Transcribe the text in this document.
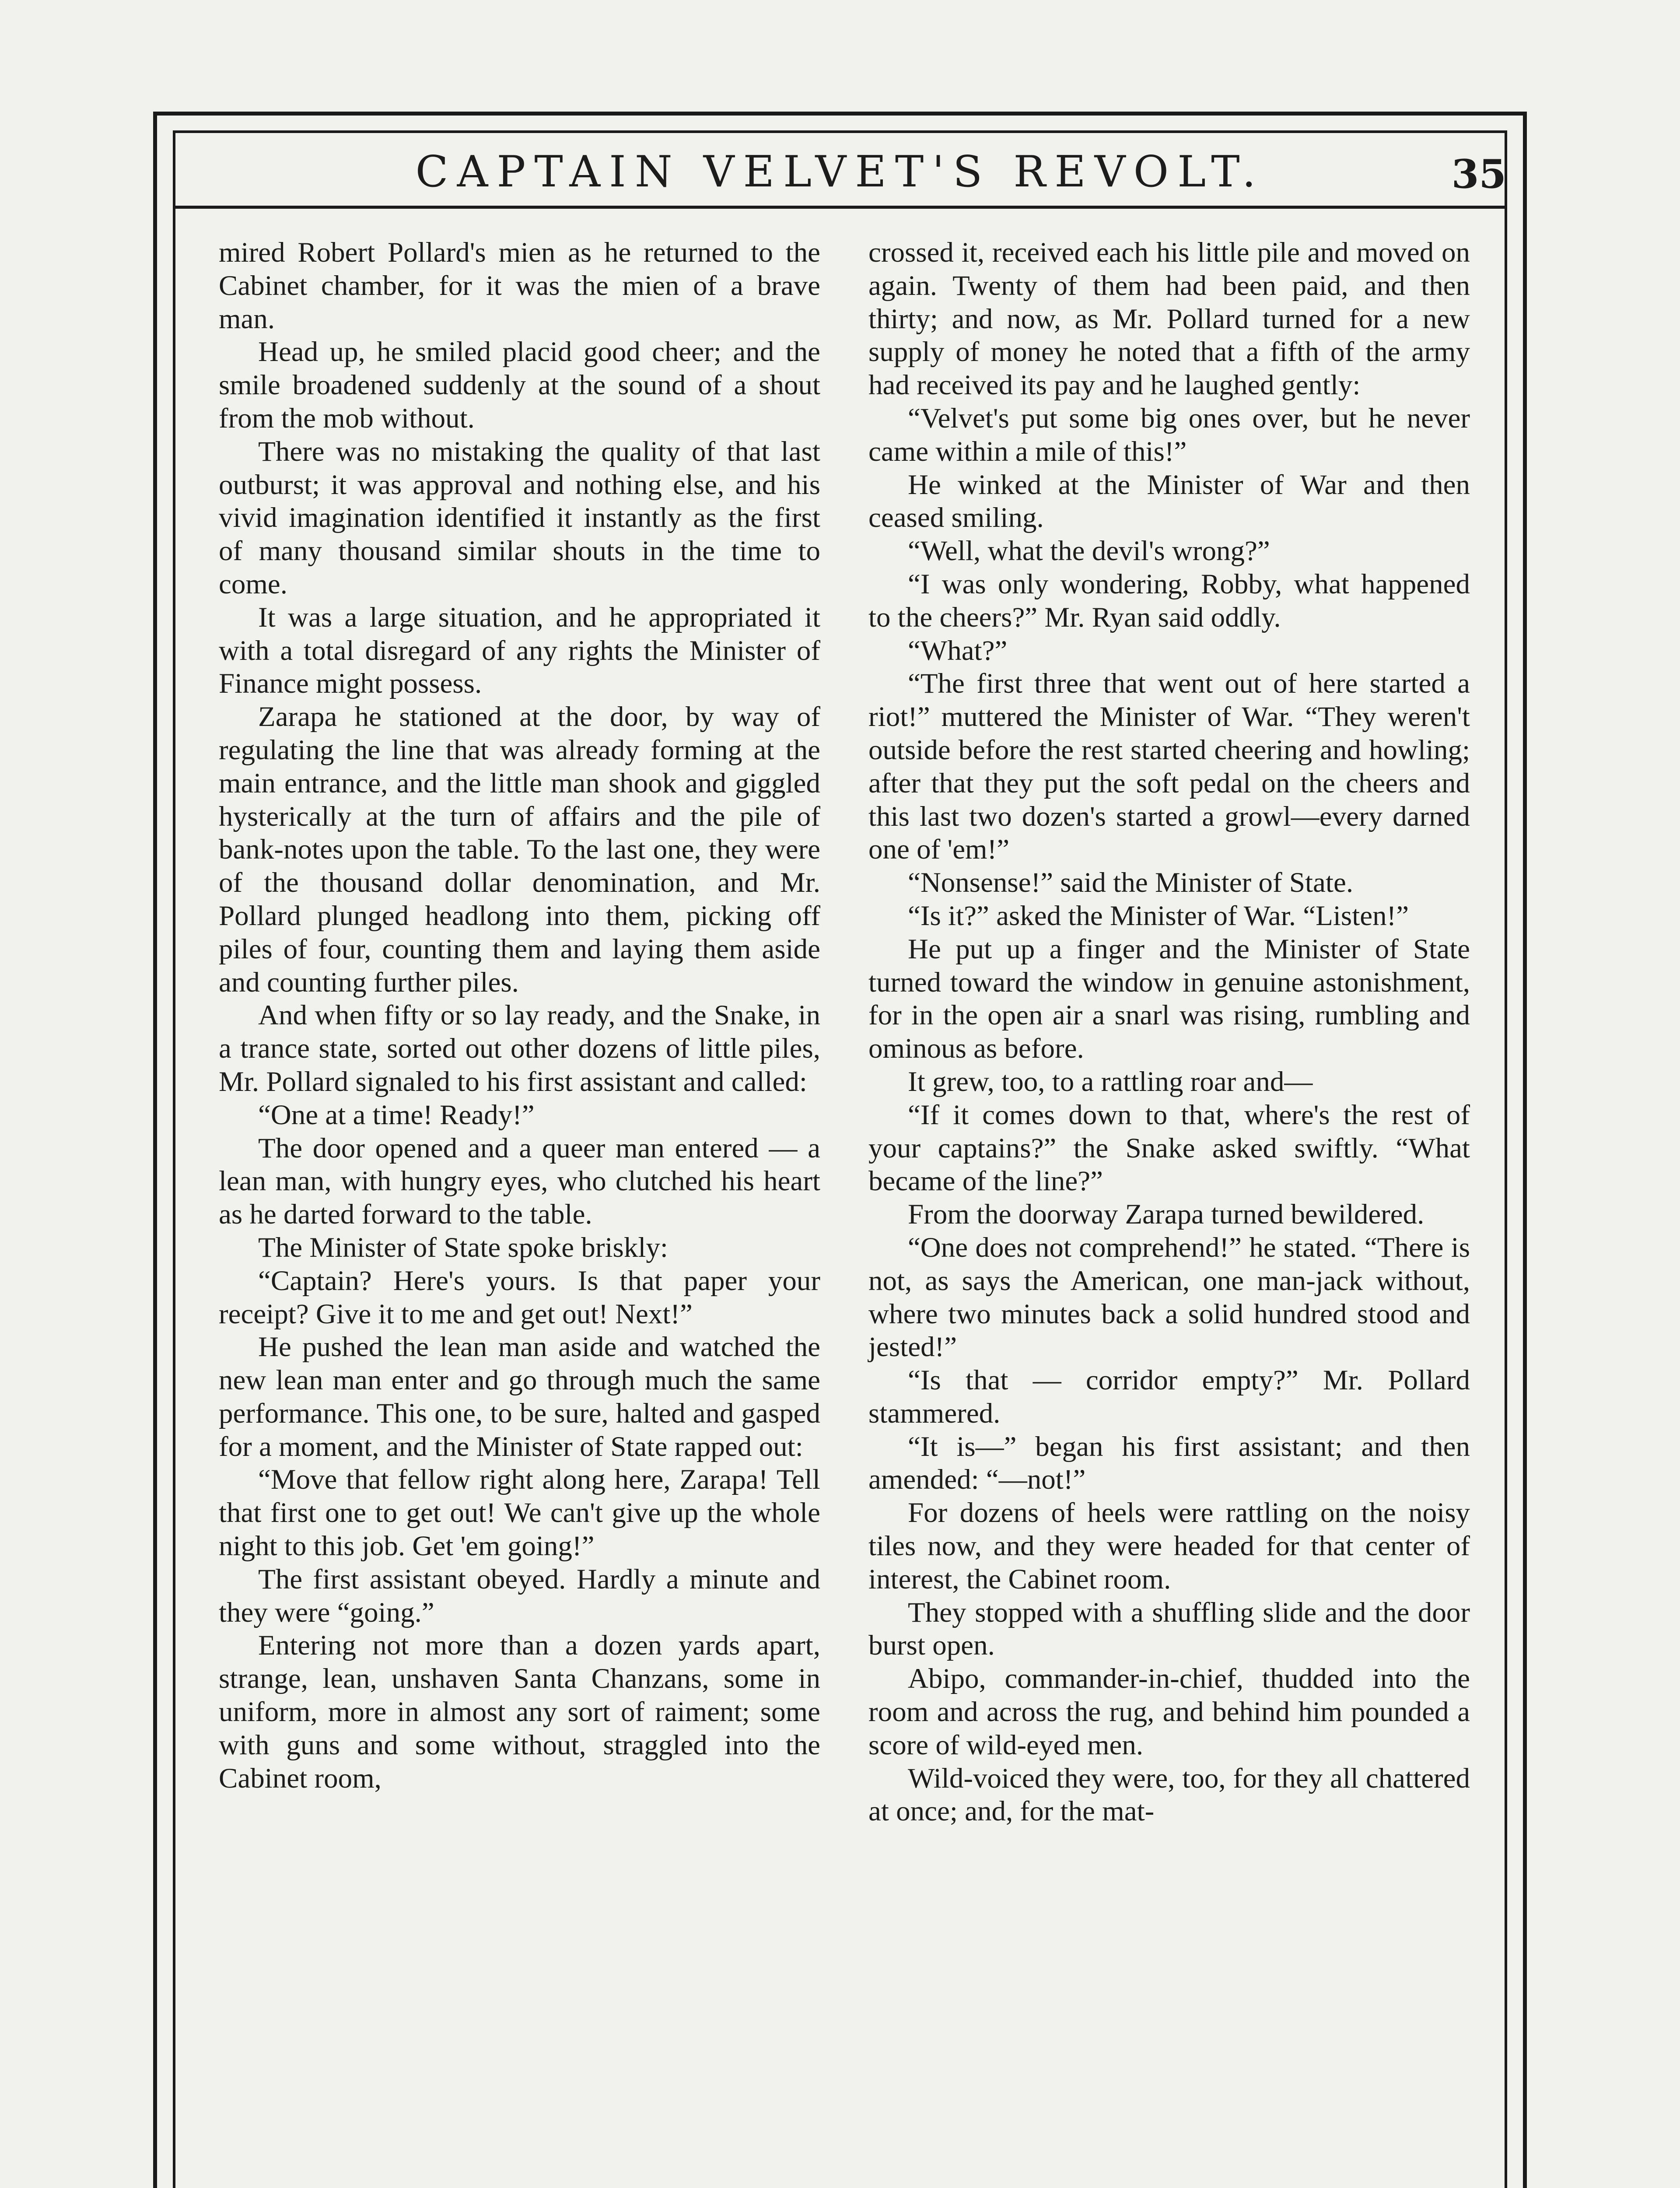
CAPTAIN VELVET'S REVOLT.	35

mired Robert Pollard's mien as he returned to the Cabinet chamber, for it was the mien of a brave man.

Head up, he smiled placid good cheer; and the smile broadened suddenly at the sound of a shout from the mob without.

There was no mistaking the quality of that last outburst; it was approval and nothing else, and his vivid imagination identified it instantly as the first of many thousand similar shouts in the time to come.

It was a large situation, and he appropriated it with a total disregard of any rights the Minister of Finance might possess.

Zarapa he stationed at the door, by way of regulating the line that was already forming at the main entrance, and the little man shook and giggled hysterically at the turn of affairs and the pile of bank-notes upon the table. To the last one, they were of the thousand dollar denomination, and Mr. Pollard plunged headlong into them, picking off piles of four, counting them and laying them aside and counting further piles.

And when fifty or so lay ready, and the Snake, in a trance state, sorted out other dozens of little piles, Mr. Pollard signaled to his first assistant and called:

“One at a time! Ready!”

The door opened and a queer man entered — a lean man, with hungry eyes, who clutched his heart as he darted forward to the table.

The Minister of State spoke briskly:

“Captain? Here's yours. Is that paper your receipt? Give it to me and get out! Next!”

He pushed the lean man aside and watched the new lean man enter and go through much the same performance. This one, to be sure, halted and gasped for a moment, and the Minister of State rapped out:

“Move that fellow right along here, Zarapa! Tell that first one to get out! We can't give up the whole night to this job. Get 'em going!”

The first assistant obeyed. Hardly a minute and they were “going.”

Entering not more than a dozen yards apart, strange, lean, unshaven Santa Chanzans, some in uniform, more in almost any sort of raiment; some with guns and some without, straggled into the Cabinet room,

crossed it, received each his little pile and moved on again. Twenty of them had been paid, and then thirty; and now, as Mr. Pollard turned for a new supply of money he noted that a fifth of the army had received its pay and he laughed gently:

“Velvet's put some big ones over, but he never came within a mile of this!”

He winked at the Minister of War and then ceased smiling.

“Well, what the devil's wrong?”

“I was only wondering, Robby, what happened to the cheers?” Mr. Ryan said oddly.

“What?”

“The first three that went out of here started a riot!” muttered the Minister of War. “They weren't outside before the rest started cheering and howling; after that they put the soft pedal on the cheers and this last two dozen's started a growl—every darned one of 'em!”

“Nonsense!” said the Minister of State.

“Is it?” asked the Minister of War. “Listen!”

He put up a finger and the Minister of State turned toward the window in genuine astonishment, for in the open air a snarl was rising, rumbling and ominous as before.

It grew, too, to a rattling roar and—

“If it comes down to that, where's the rest of your captains?” the Snake asked swiftly. “What became of the line?”

From the doorway Zarapa turned bewildered.

“One does not comprehend!” he stated. “There is not, as says the American, one man-jack without, where two minutes back a solid hundred stood and jested!”

“Is that — corridor empty?” Mr. Pollard stammered.

“It is—” began his first assistant; and then amended: “—not!”

For dozens of heels were rattling on the noisy tiles now, and they were headed for that center of interest, the Cabinet room.

They stopped with a shuffling slide and the door burst open.

Abipo, commander-in-chief, thudded into the room and across the rug, and behind him pounded a score of wild-eyed men.

Wild-voiced they were, too, for they all chattered at once; and, for the mat-
